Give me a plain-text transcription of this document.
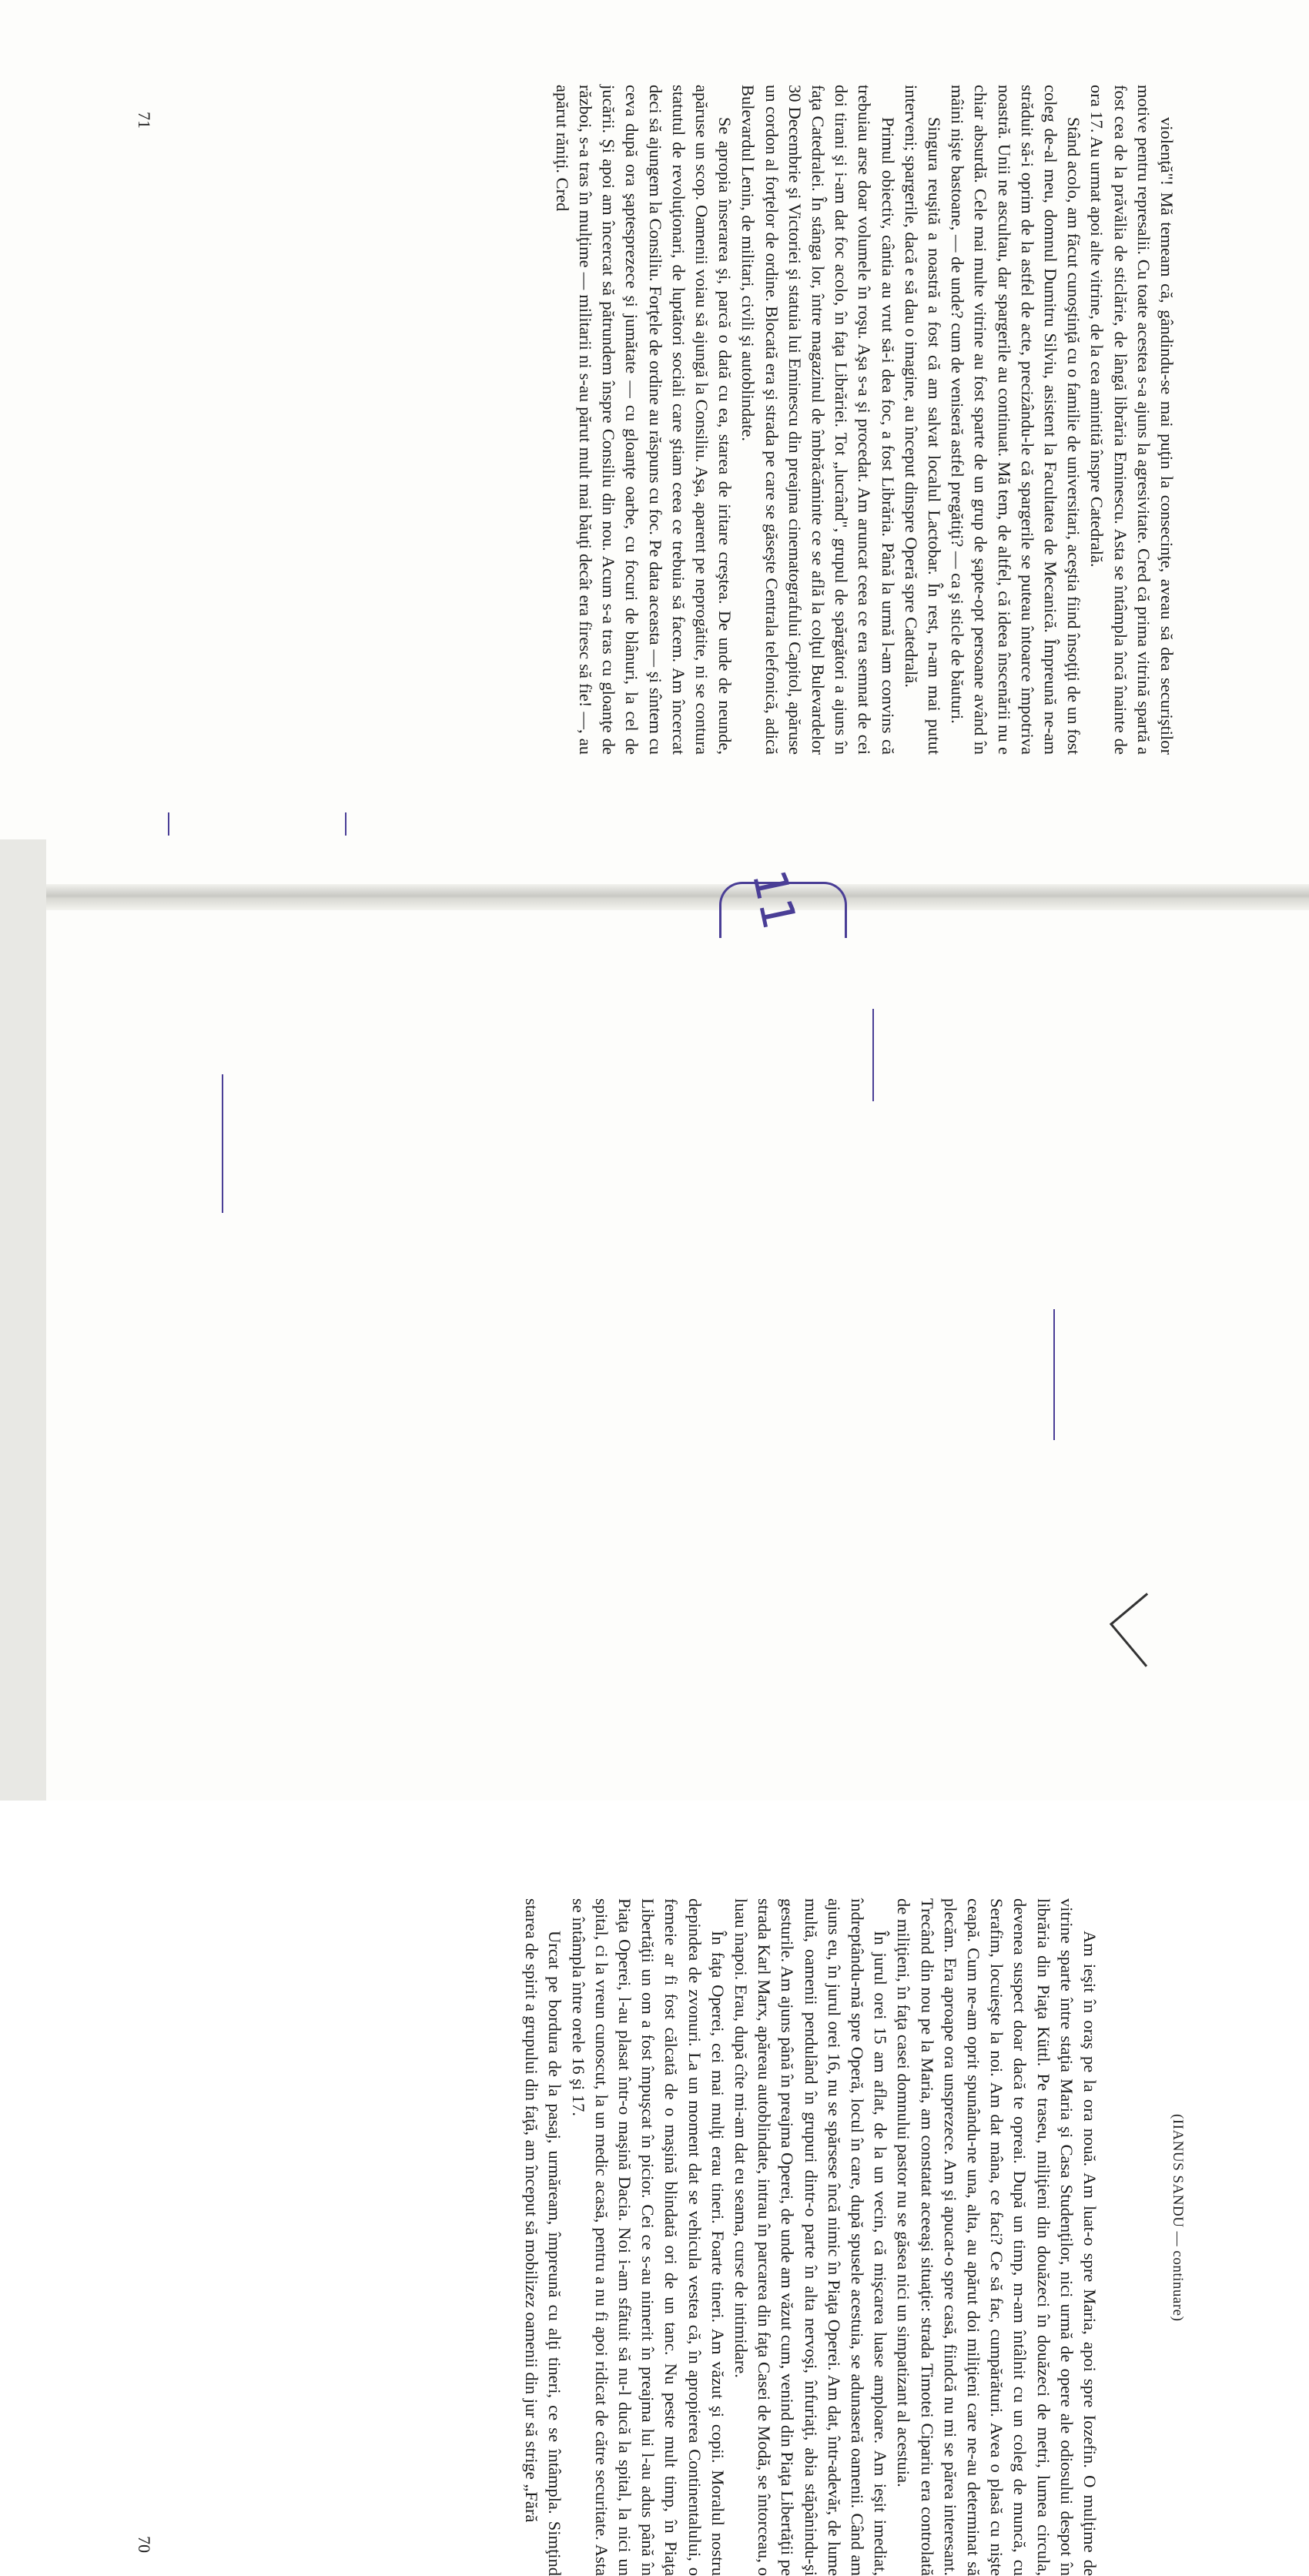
violenţă"! Mă temeam că, gândindu-se mai puţin la consecinţe, aveau să dea securiştilor motive pentru represalii. Cu toate acestea s-a ajuns la agresivitate. Cred că prima vitrină spartă a fost cea de la prăvălia de sticlărie, de lângă librăria Eminescu. Asta se întâmpla încă înainte de ora 17. Au urmat apoi alte vitrine, de la cea amintită înspre Catedrală.

Stând acolo, am făcut cunoştinţă cu o familie de universitari, aceştia fiind însoţiţi de un fost coleg de-al meu, domnul Dumitru Silviu, asistent la Facultatea de Mecanică. Împreună ne-am străduit să-i oprim de la astfel de acte, precizându-le că spargerile se puteau întoarce împotriva noastră. Unii ne ascultau, dar spargerile au continuat. Mă tem, de altfel, că ideea înscenării nu e chiar absurdă. Cele mai multe vitrine au fost sparte de un grup de şapte-opt persoane având în mâini nişte bastoane, — de unde? cum de veniseră astfel pregătiţi? — ca şi sticle de băuturi.

Singura reuşită a noastră a fost că am salvat localul Lactobar. În rest, n-am mai putut interveni; spargerile, dacă e să dau o imagine, au început dinspre Operă spre Catedrală.

Primul obiectiv, cântia au vrut să-i dea foc, a fost Librăria. Până la urmă l-am convins că trebuiau arse doar volumele în roşu. Aşa s-a şi procedat. Am aruncat ceea ce era semnat de cei doi tirani şi i-am dat foc acolo, în faţa Librăriei. Tot „lucrând", grupul de spărgători a ajuns în faţa Catedralei. În stânga lor, între magazinul de îmbrăcăminte ce se află la colţul Bulevardelor 30 Decembrie şi Victoriei şi statuia lui Eminescu din preajma cinematografului Capitol, apăruse un cordon al forţelor de ordine. Blocată era şi strada pe care se găseşte Centrala telefonică, adică Bulevardul Lenin, de militari, civili şi autoblindate.

Se apropia înserarea şi, parcă o dată cu ea, starea de iritare creştea. De unde de neunde, apăruse un scop. Oamenii voiau să ajungă la Consiliu. Aşa, aparent pe neprogătite, ni se contura statutul de revoluţionari, de luptători sociali care ştiam ceea ce trebuia să facem. Am încercat deci să ajungem la Consiliu. Forţele de ordine au răspuns cu foc. Pe data aceasta — şi sîntem cu ceva după ora şaptesprezece şi jumătate — cu gloanţe oarbe, cu focuri de blânuri, la cel de jucării. Şi apoi am încercat să pătrundem înspre Consiliu din nou. Acum s-a tras cu gloanţe de război, s-a tras în mulţime — militarii ni s-au părut mult mai băuţi decât era firesc să fie! —, au apărut răniţi. Cred

71
(IIANUS SANDU — continuare)

Am ieşit în oraş pe la ora nouă. Am luat-o spre Maria, apoi spre Iozefin. O mulţime de vitrine sparte între staţia Maria şi Casa Studenţilor, nici urmă de opere ale odiosului despot în librăria din Piaţa Küttl. Pe traseu, miliţieni din douăzeci în douăzeci de metri, lumea circula, devenea suspect doar dacă te opreai. După un timp, m-am întâlnit cu un coleg de muncă, cu Serafim, locuieşte la noi. Am dat mâna, ce faci? Ce să fac, cumpărături. Avea o plasă cu nişte ceapă. Cum ne-am oprit spunându-ne una, alta, au apărut doi miliţieni care ne-au determinat să plecăm. Era aproape ora unsprezece. Am şi apucat-o spre casă, fiindcă nu mi se părea interesant. Trecând din nou pe la Maria, am constatat aceeaşi situaţie: strada Timotei Cipariu era controlată de miliţieni, în faţa casei domnului pastor nu se găsea nici un simpatizant al acestuia.

În jurul orei 15 am aflat, de la un vecin, că mişcarea luase amploare. Am ieşit imediat, îndreptându-mă spre Operă, locul în care, după spusele acestuia, se adunaseră oamenii. Când am ajuns eu, în jurul orei 16, nu se spărsese încă nimic în Piaţa Operei. Am dat, într-adevăr, de lume multă, oamenii pendulând în grupuri dintr-o parte în alta nervoşi, înfuriaţi, abia stăpânindu-şi gesturile. Am ajuns până în preajma Operei, de unde am văzut cum, venind din Piaţa Libertăţii pe strada Karl Marx, apăreau autoblindate, intrau în parcarea din faţa Casei de Modă, se întorceau, o luau înapoi. Erau, după cîte mi-am dat eu seama, curse de intimidare.

În faţa Operei, cei mai mulţi erau tineri. Foarte tineri. Am văzut şi copii. Moralul nostru depindea de zvonuri. La un moment dat se vehicula vestea că, în apropierea Continentalului, o femeie ar fi fost călcată de o maşină blindată ori de un tanc. Nu peste mult timp, în Piaţa Libertăţii un om a fost împuşcat în picior. Cei ce s-au nimerit în preajma lui l-au adus până în Piaţa Operei, l-au plasat într-o maşină Dacia. Noi i-am sfătuit să nu-l ducă la spital, la nici un spital, ci la vreun cunoscut, la un medic acasă, pentru a nu fi apoi ridicat de către securitate. Asta se întâmpla între orele 16 şi 17.

Urcat pe bordura de la pasaj, urmăream, împreună cu alţi tineri, ce se întâmpla. Simţind starea de spirit a grupului din faţă, am început să mobilizez oamenii din jur să strige „Fără

70
11
